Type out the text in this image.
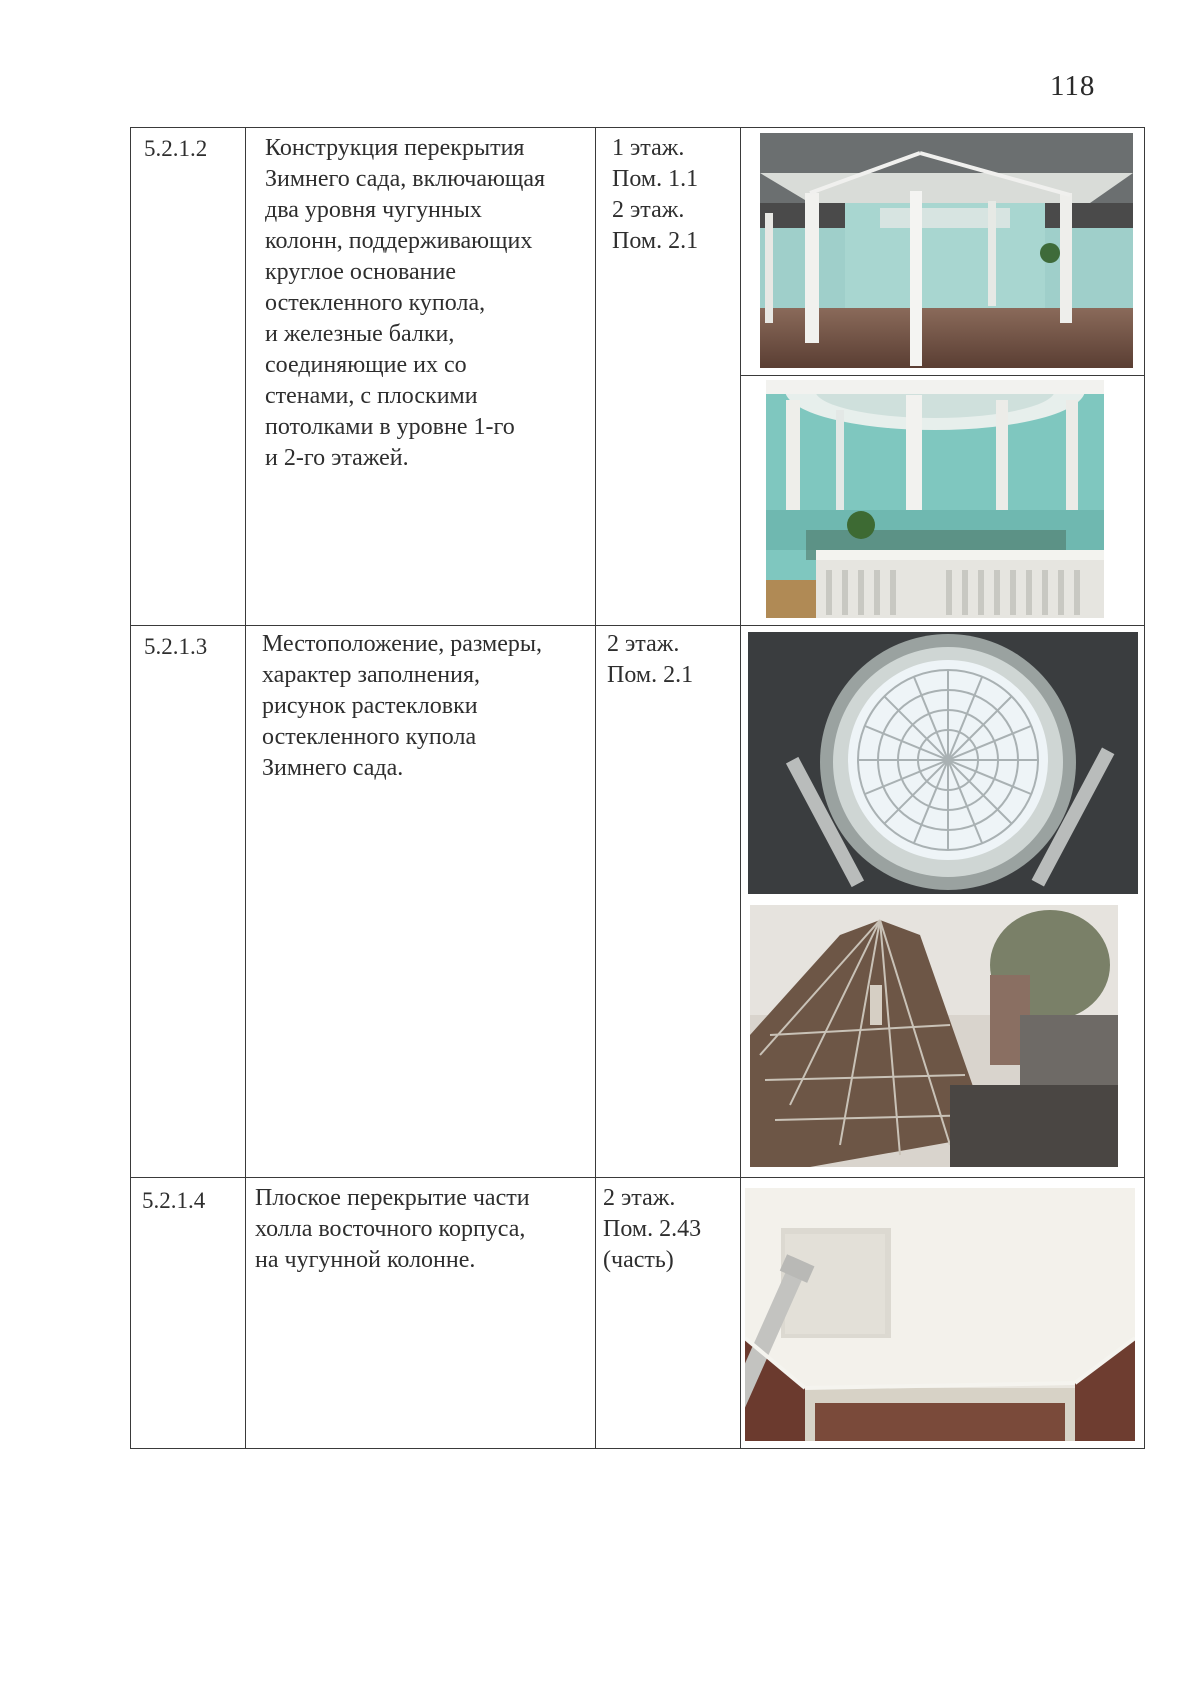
118
5.2.1.2 Конструкция перекрытия
Зимнего сада, включающая
два уровня чугунных
колонн, поддерживающих
круглое основание
остекленного купола,
и железные балки,
соединяющие их со
стенами, с плоскими
потолками в уровне 1-го
и 2-го этажей.
1 этаж.
Пом. 1.1
2 этаж.
Пом. 2.1
5.2.1.3 Местоположение, размеры,
характер заполнения,
рисунок растекловки
остекленного купола
Зимнего сада.
2 этаж.
Пом. 2.1
5.2.1.4 Плоское перекрытие части
холла восточного корпуса,
на чугунной колонне.
2 этаж.
Пом. 2.43
(часть)
